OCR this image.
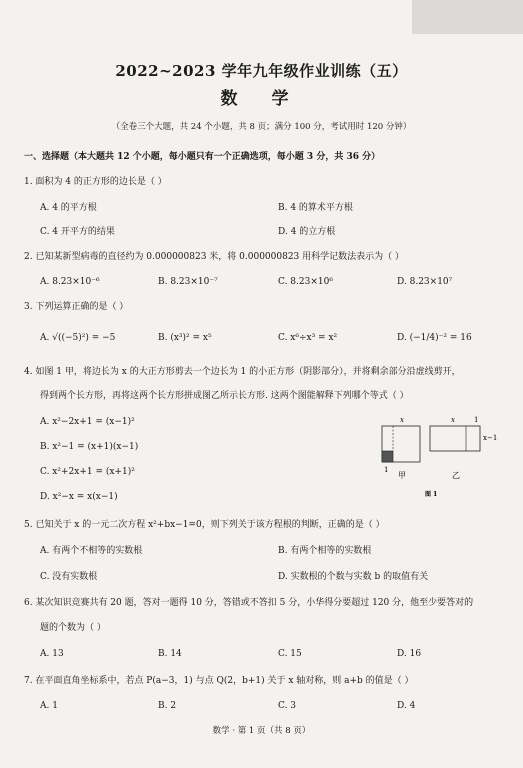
2022~2023 学年九年级作业训练（五）
数 学
（全卷三个大题，共 24 个小题，共 8 页；满分 100 分，考试用时 120 分钟）
一、选择题（本大题共 12 个小题，每小题只有一个正确选项，每小题 3 分，共 36 分）
1. 面积为 4 的正方形的边长是（ ）
A. 4 的平方根	B. 4 的算术平方根
C. 4 开平方的结果	D. 4 的立方根
2. 已知某新型病毒的直径约为 0.000000823 米，将 0.000000823 用科学记数法表示为（ ）
A. 8.23×10⁻⁶	B. 8.23×10⁻⁷	C. 8.23×10⁶	D. 8.23×10⁷
3. 下列运算正确的是（ ）
A. √((−5)²) = −5	B. (x³)² = x⁵	C. x⁶÷x³ = x²	D. (−1/4)⁻² = 16
4. 如图 1 甲，将边长为 x 的大正方形剪去一个边长为 1 的小正方形（阴影部分），并将剩余部分沿虚线剪开，
得到两个长方形，再将这两个长方形拼成图乙所示长方形. 这两个图能解释下列哪个等式（ ）
A. x²−2x+1 = (x−1)²
B. x²−1 = (x+1)(x−1)
C. x²+2x+1 = (x+1)²
D. x²−x = x(x−1)
x	x	1
1
x−1
甲	乙
图 1
5. 已知关于 x 的一元二次方程 x²+bx−1=0，则下列关于该方程根的判断，正确的是（ ）
A. 有两个不相等的实数根	B. 有两个相等的实数根
C. 没有实数根	D. 实数根的个数与实数 b 的取值有关
6. 某次知识竞赛共有 20 题，答对一题得 10 分，答错或不答扣 5 分，小华得分要超过 120 分，他至少要答对的
题的个数为（ ）
A. 13	B. 14	C. 15	D. 16
7. 在平面直角坐标系中，若点 P(a−3，1) 与点 Q(2，b+1) 关于 x 轴对称，则 a+b 的值是（ ）
A. 1	B. 2	C. 3	D. 4
数学 · 第 1 页（共 8 页）
